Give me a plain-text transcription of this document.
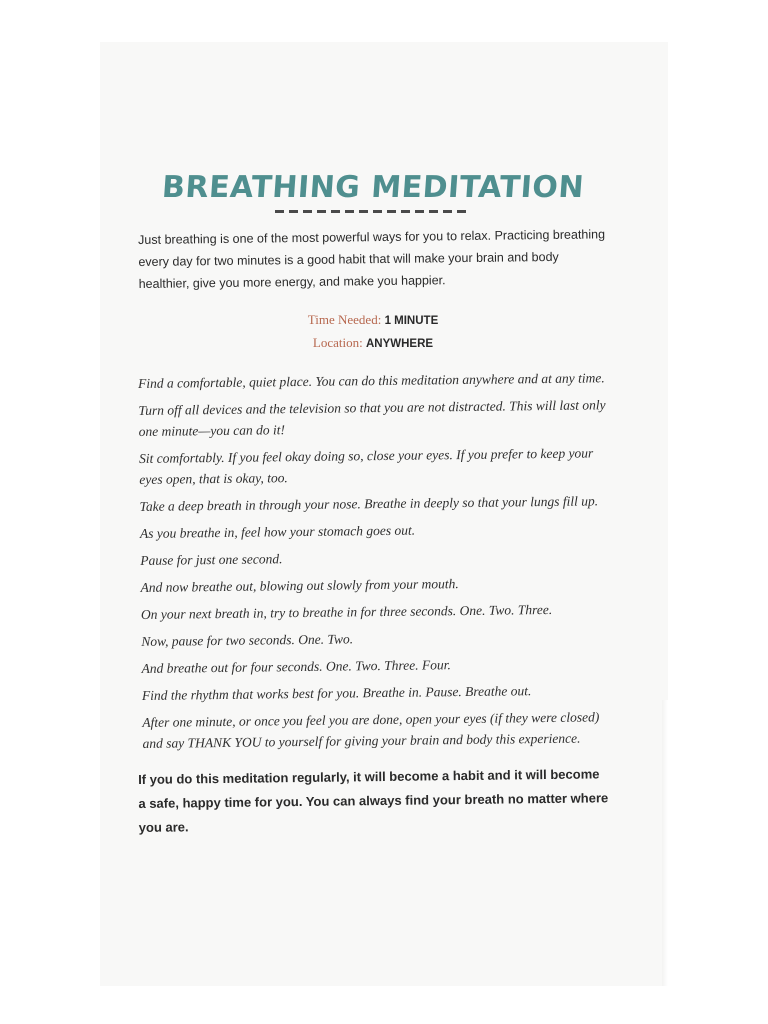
BREATHING MEDITATION

Just breathing is one of the most powerful ways for you to relax. Practicing breathing every day for two minutes is a good habit that will make your brain and body healthier, give you more energy, and make you happier.

Time Needed: 1 MINUTE
Location: ANYWHERE

Find a comfortable, quiet place. You can do this meditation anywhere and at any time.

Turn off all devices and the television so that you are not distracted. This will last only one minute—you can do it!

Sit comfortably. If you feel okay doing so, close your eyes. If you prefer to keep your eyes open, that is okay, too.

Take a deep breath in through your nose. Breathe in deeply so that your lungs fill up.

As you breathe in, feel how your stomach goes out.

Pause for just one second.

And now breathe out, blowing out slowly from your mouth.

On your next breath in, try to breathe in for three seconds. One. Two. Three.

Now, pause for two seconds. One. Two.

And breathe out for four seconds. One. Two. Three. Four.

Find the rhythm that works best for you. Breathe in. Pause. Breathe out.

After one minute, or once you feel you are done, open your eyes (if they were closed) and say THANK YOU to yourself for giving your brain and body this experience.

If you do this meditation regularly, it will become a habit and it will become a safe, happy time for you. You can always find your breath no matter where you are.
